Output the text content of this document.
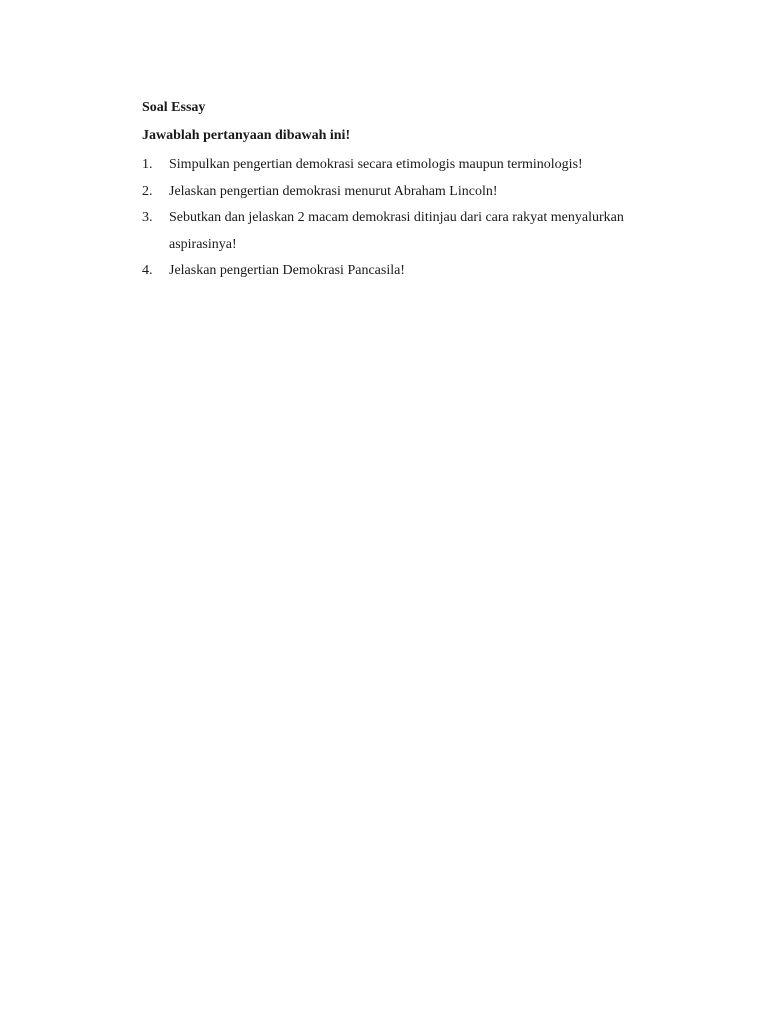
Soal Essay
Jawablah pertanyaan dibawah ini!
1.	Simpulkan pengertian demokrasi secara etimologis maupun terminologis!
2.	Jelaskan pengertian demokrasi menurut Abraham Lincoln!
3.	Sebutkan dan jelaskan 2 macam demokrasi ditinjau dari cara rakyat menyalurkan aspirasinya!
4.	Jelaskan pengertian Demokrasi Pancasila!
